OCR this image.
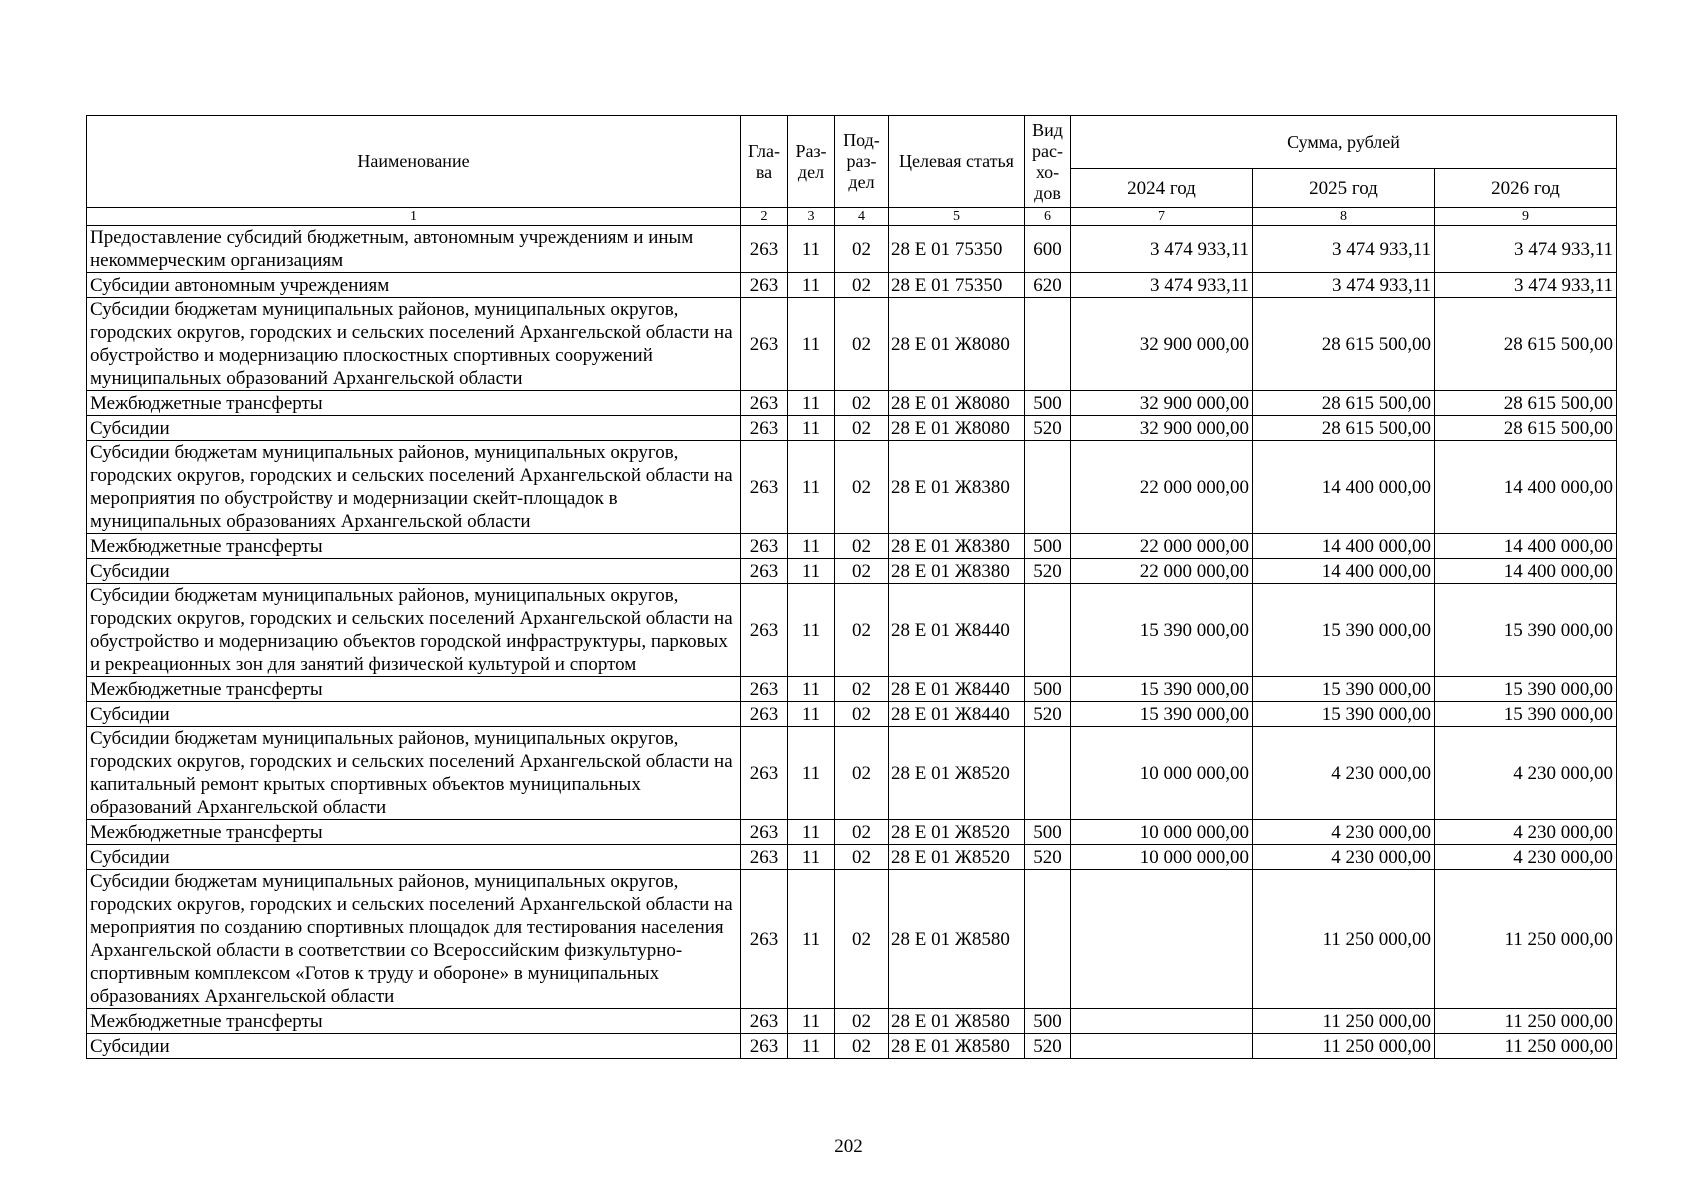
Наименование	Гла-ва	Раз-дел	Под-раз-дел	Целевая статья	Вид рас-хо-дов	Сумма, рублей		
						2024 год	2025 год	2026 год
1	2	3	4	5	6	7	8	9
Предоставление субсидий бюджетным, автономным учреждениям и иным некоммерческим организациям	263	11	02	28 Е 01 75350	600	3 474 933,11	3 474 933,11	3 474 933,11
Субсидии автономным учреждениям	263	11	02	28 Е 01 75350	620	3 474 933,11	3 474 933,11	3 474 933,11
Субсидии бюджетам муниципальных районов, муниципальных округов, городских округов, городских и сельских поселений Архангельской области на обустройство и модернизацию плоскостных спортивных сооружений муниципальных образований Архангельской области	263	11	02	28 Е 01 Ж8080		32 900 000,00	28 615 500,00	28 615 500,00
Межбюджетные трансферты	263	11	02	28 Е 01 Ж8080	500	32 900 000,00	28 615 500,00	28 615 500,00
Субсидии	263	11	02	28 Е 01 Ж8080	520	32 900 000,00	28 615 500,00	28 615 500,00
Субсидии бюджетам муниципальных районов, муниципальных округов, городских округов, городских и сельских поселений Архангельской области на мероприятия по обустройству и модернизации скейт-площадок в муниципальных образованиях Архангельской области	263	11	02	28 Е 01 Ж8380		22 000 000,00	14 400 000,00	14 400 000,00
Межбюджетные трансферты	263	11	02	28 Е 01 Ж8380	500	22 000 000,00	14 400 000,00	14 400 000,00
Субсидии	263	11	02	28 Е 01 Ж8380	520	22 000 000,00	14 400 000,00	14 400 000,00
Субсидии бюджетам муниципальных районов, муниципальных округов, городских округов, городских и сельских поселений Архангельской области на обустройство и модернизацию объектов городской инфраструктуры, парковых и рекреационных зон для занятий физической культурой и спортом	263	11	02	28 Е 01 Ж8440		15 390 000,00	15 390 000,00	15 390 000,00
Межбюджетные трансферты	263	11	02	28 Е 01 Ж8440	500	15 390 000,00	15 390 000,00	15 390 000,00
Субсидии	263	11	02	28 Е 01 Ж8440	520	15 390 000,00	15 390 000,00	15 390 000,00
Субсидии бюджетам муниципальных районов, муниципальных округов, городских округов, городских и сельских поселений Архангельской области на капитальный ремонт крытых спортивных объектов муниципальных образований Архангельской области	263	11	02	28 Е 01 Ж8520		10 000 000,00	4 230 000,00	4 230 000,00
Межбюджетные трансферты	263	11	02	28 Е 01 Ж8520	500	10 000 000,00	4 230 000,00	4 230 000,00
Субсидии	263	11	02	28 Е 01 Ж8520	520	10 000 000,00	4 230 000,00	4 230 000,00
Субсидии бюджетам муниципальных районов, муниципальных округов, городских округов, городских и сельских поселений Архангельской области на мероприятия по созданию спортивных площадок для тестирования населения Архангельской области в соответствии со Всероссийским физкультурно-спортивным комплексом «Готов к труду и обороне» в муниципальных образованиях Архангельской области	263	11	02	28 Е 01 Ж8580			11 250 000,00	11 250 000,00
Межбюджетные трансферты	263	11	02	28 Е 01 Ж8580	500		11 250 000,00	11 250 000,00
Субсидии	263	11	02	28 Е 01 Ж8580	520		11 250 000,00	11 250 000,00
202
